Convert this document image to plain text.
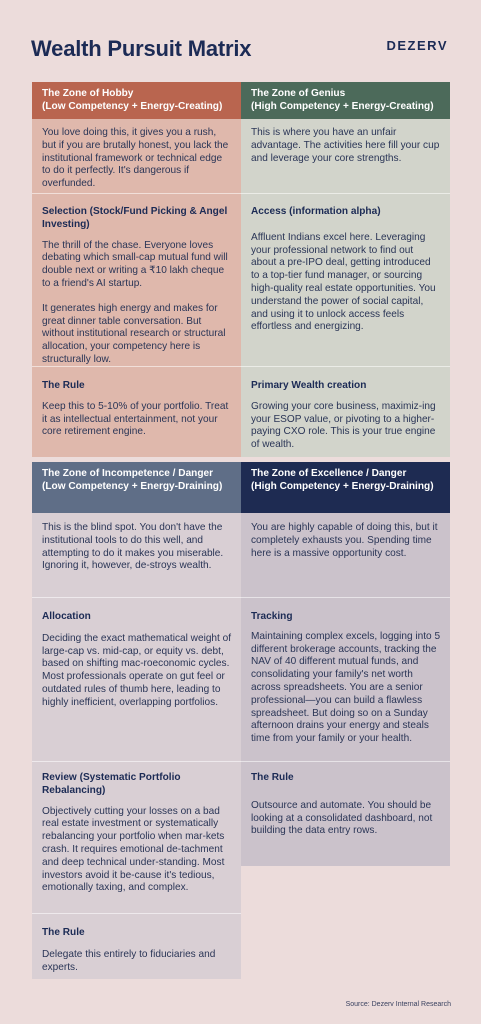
Wealth Pursuit Matrix	DEZERV
The Zone of Hobby
(Low Competency + Energy-Creating)

You love doing this, it gives you a rush, but if you are brutally honest, you lack the institutional framework or technical edge to do it perfectly. It's dangerous if overfunded.

Selection (Stock/Fund Picking & Angel Investing)

The thrill of the chase. Everyone loves debating which small-cap mutual fund will double next or writing a ₹10 lakh cheque to a friend's AI startup.

It generates high energy and makes for great dinner table conversation. But without institutional research or structural allocation, your competency here is structurally low.

The Rule

Keep this to 5-10% of your portfolio. Treat it as intellectual entertainment, not your core retirement engine.

The Zone of Genius
(High Competency + Energy-Creating)

This is where you have an unfair advantage. The activities here fill your cup and leverage your core strengths.

Access (information alpha)

Affluent Indians excel here. Leveraging your professional network to find out about a pre-IPO deal, getting introduced to a top-tier fund manager, or sourcing high-quality real estate opportunities. You understand the power of social capital, and using it to unlock access feels effortless and energizing.

Primary Wealth creation

Growing your core business, maximiz-ing your ESOP value, or pivoting to a higher-paying CXO role. This is your true engine of wealth.

The Zone of Incompetence / Danger (Low Competency + Energy-Draining)

This is the blind spot. You don't have the institutional tools to do this well, and attempting to do it makes you miserable. Ignoring it, however, de-stroys wealth.

Allocation

Deciding the exact mathematical weight of large-cap vs. mid-cap, or equity vs. debt, based on shifting mac-roeconomic cycles. Most professionals operate on gut feel or outdated rules of thumb here, leading to highly inefficient, overlapping portfolios.

Review (Systematic Portfolio Rebalancing)

Objectively cutting your losses on a bad real estate investment or systematically rebalancing your portfolio when mar-kets crash. It requires emotional de-tachment and deep technical under-standing. Most investors avoid it be-cause it's tedious, emotionally taxing, and complex.

The Rule

Delegate this entirely to fiduciaries and experts.

The Zone of Excellence / Danger
(High Competency + Energy-Draining)

You are highly capable of doing this, but it completely exhausts you. Spending time here is a massive opportunity cost.

Tracking

Maintaining complex excels, logging into 5 different brokerage accounts, tracking the NAV of 40 different mutual funds, and consolidating your family's net worth across spreadsheets. You are a senior professional—you can build a flawless spreadsheet. But doing so on a Sunday afternoon drains your energy and steals time from your family or your health.

The Rule

Outsource and automate. You should be looking at a consolidated dashboard, not building the data entry rows.

Source: Dezerv Internal Research
